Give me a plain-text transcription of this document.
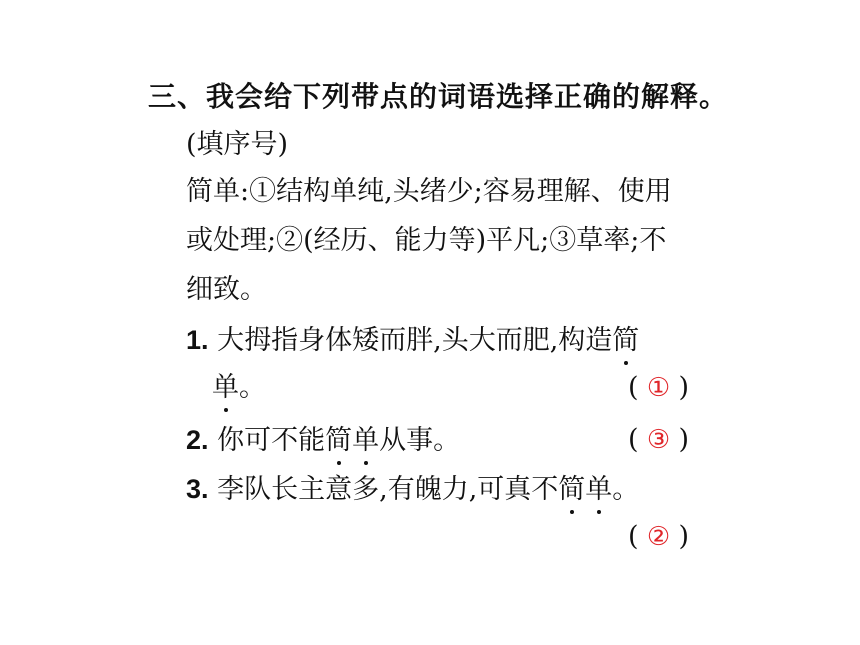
三、我会给下列带点的词语选择正确的解释。
(填序号)
简单:①结构单纯,头绪少;容易理解、使用
或处理;②(经历、能力等)平凡;③草率;不
细致。
1. 大拇指身体矮而胖,头大而肥,构造简
单。	( ① )
2. 你可不能简单从事。	( ③ )
3. 李队长主意多,有魄力,可真不简单。
( ② )
